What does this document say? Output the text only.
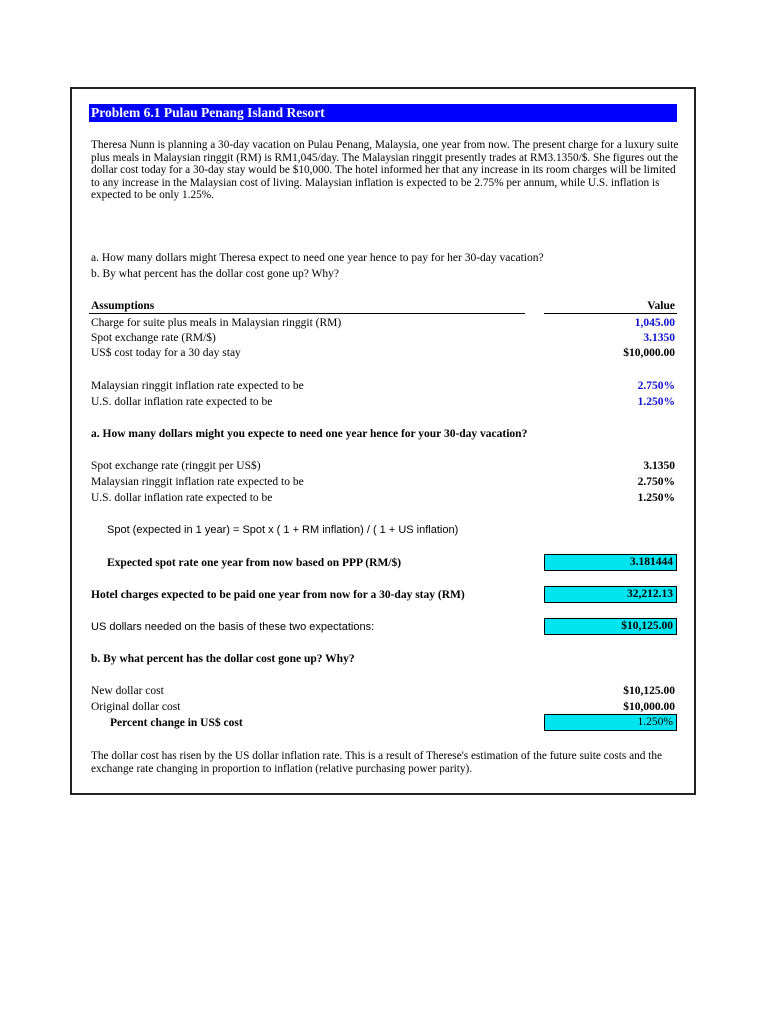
Problem 6.1 Pulau Penang Island Resort
Theresa Nunn is planning a 30-day vacation on Pulau Penang, Malaysia, one year from now. The present charge for a luxury suite plus meals in Malaysian ringgit (RM) is RM1,045/day. The Malaysian ringgit presently trades at RM3.1350/$. She figures out the dollar cost today for a 30-day stay would be $10,000. The hotel informed her that any increase in its room charges will be limited to any increase in the Malaysian cost of living. Malaysian inflation is expected to be 2.75% per annum, while U.S. inflation is expected to be only 1.25%.
a. How many dollars might Theresa expect to need one year hence to pay for her 30-day vacation?
b. By what percent has the dollar cost gone up? Why?
Assumptions	Value
Charge for suite plus meals in Malaysian ringgit (RM)	1,045.00
Spot exchange rate (RM/$)	3.1350
US$ cost today for a 30 day stay	$10,000.00
Malaysian ringgit inflation rate expected to be	2.750%
U.S. dollar inflation rate expected to be	1.250%
a. How many dollars might you expecte to need one year hence for your 30-day vacation?
Spot exchange rate (ringgit per US$)	3.1350
Malaysian ringgit inflation rate expected to be	2.750%
U.S. dollar inflation rate expected to be	1.250%
Spot (expected in 1 year) = Spot x ( 1 + RM inflation) / ( 1 + US inflation)
Expected spot rate one year from now based on PPP (RM/$)	3.181444
Hotel charges expected to be paid one year from now for a 30-day stay (RM)	32,212.13
US dollars needed on the basis of these two expectations:	$10,125.00
b. By what percent has the dollar cost gone up? Why?
New dollar cost	$10,125.00
Original dollar cost	$10,000.00
Percent change in US$ cost	1.250%
The dollar cost has risen by the US dollar inflation rate. This is a result of Therese's estimation of the future suite costs and the exchange rate changing in proportion to inflation (relative purchasing power parity).
